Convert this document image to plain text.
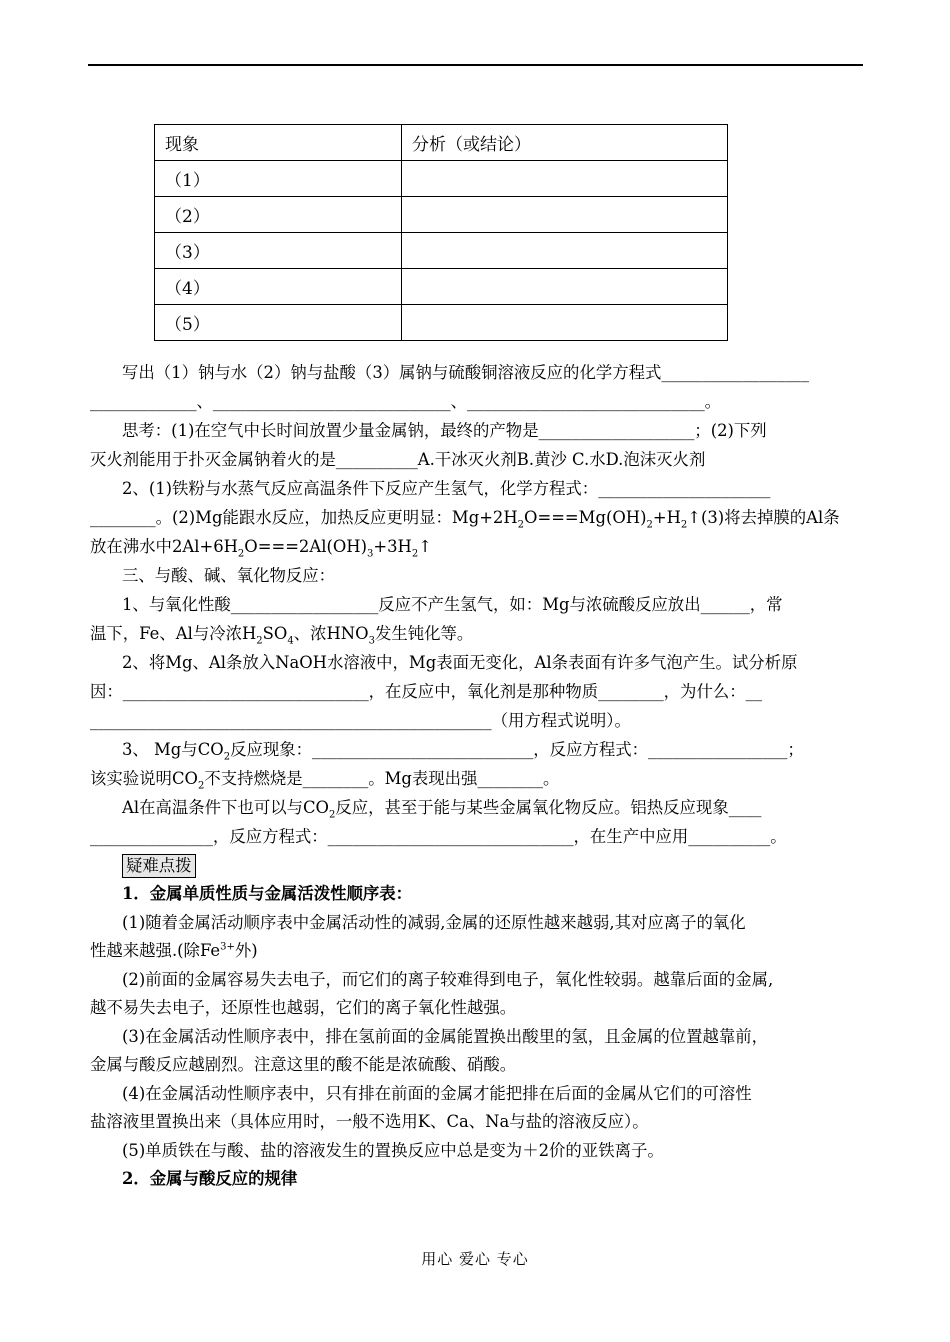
现象	分析（或结论）
（1）	
（2）	
（3）	
（4）	
（5）	

写出（1）钠与水（2）钠与盐酸（3）属钠与硫酸铜溶液反应的化学方程式__________________

_____________、_____________________________、_____________________________。

思考：(1)在空气中长时间放置少量金属钠，最终的产物是___________________；(2)下列

灭火剂能用于扑灭金属钠着火的是__________A.干冰灭火剂B.黄沙 C.水D.泡沫灭火剂

2、(1)铁粉与水蒸气反应高温条件下反应产生氢气，化学方程式：_____________________

________。(2)Mg能跟水反应，加热反应更明显：$Mg+2H_2O===Mg(OH)_2+H_2↑(3)$将去掉膜的Al条

放在沸水中$2Al+6H_2O===2Al(OH)_3+3H_2↑$

三、与酸、碱、氧化物反应：

1、与氧化性酸__________________反应不产生氢气，如：Mg与浓硫酸反应放出______，常

温下，Fe、Al与冷浓$H_2SO_4$、浓$HNO_3$发生钝化等。

2、将Mg、Al条放入NaOH水溶液中，Mg表面无变化，Al条表面有许多气泡产生。试分析原

因：______________________________，在反应中，氧化剂是那种物质________，为什么：__

_________________________________________________（用方程式说明）。

3、 Mg与$CO_2$反应现象：___________________________，反应方程式：_________________；

该实验说明$CO_2$不支持燃烧是________。Mg表现出强________。

Al在高温条件下也可以与$CO_2$反应，甚至于能与某些金属氧化物反应。铝热反应现象____

_______________，反应方程式：______________________________，在生产中应用__________。

疑难点拨

1．金属单质性质与金属活泼性顺序表：

(1)随着金属活动顺序表中金属活动性的减弱,金属的还原性越来越弱,其对应离子的氧化

性越来越强.(除$Fe^{3+}$外)

(2)前面的金属容易失去电子，而它们的离子较难得到电子，氧化性较弱。越靠后面的金属,

越不易失去电子，还原性也越弱，它们的离子氧化性越强。

(3)在金属活动性顺序表中，排在氢前面的金属能置换出酸里的氢，且金属的位置越靠前，

金属与酸反应越剧烈。注意这里的酸不能是浓硫酸、硝酸。

(4)在金属活动性顺序表中，只有排在前面的金属才能把排在后面的金属从它们的可溶性

盐溶液里置换出来（具体应用时，一般不选用K、Ca、Na与盐的溶液反应）。

(5)单质铁在与酸、盐的溶液发生的置换反应中总是变为＋2价的亚铁离子。

2．金属与酸反应的规律

用心 爱心 专心
